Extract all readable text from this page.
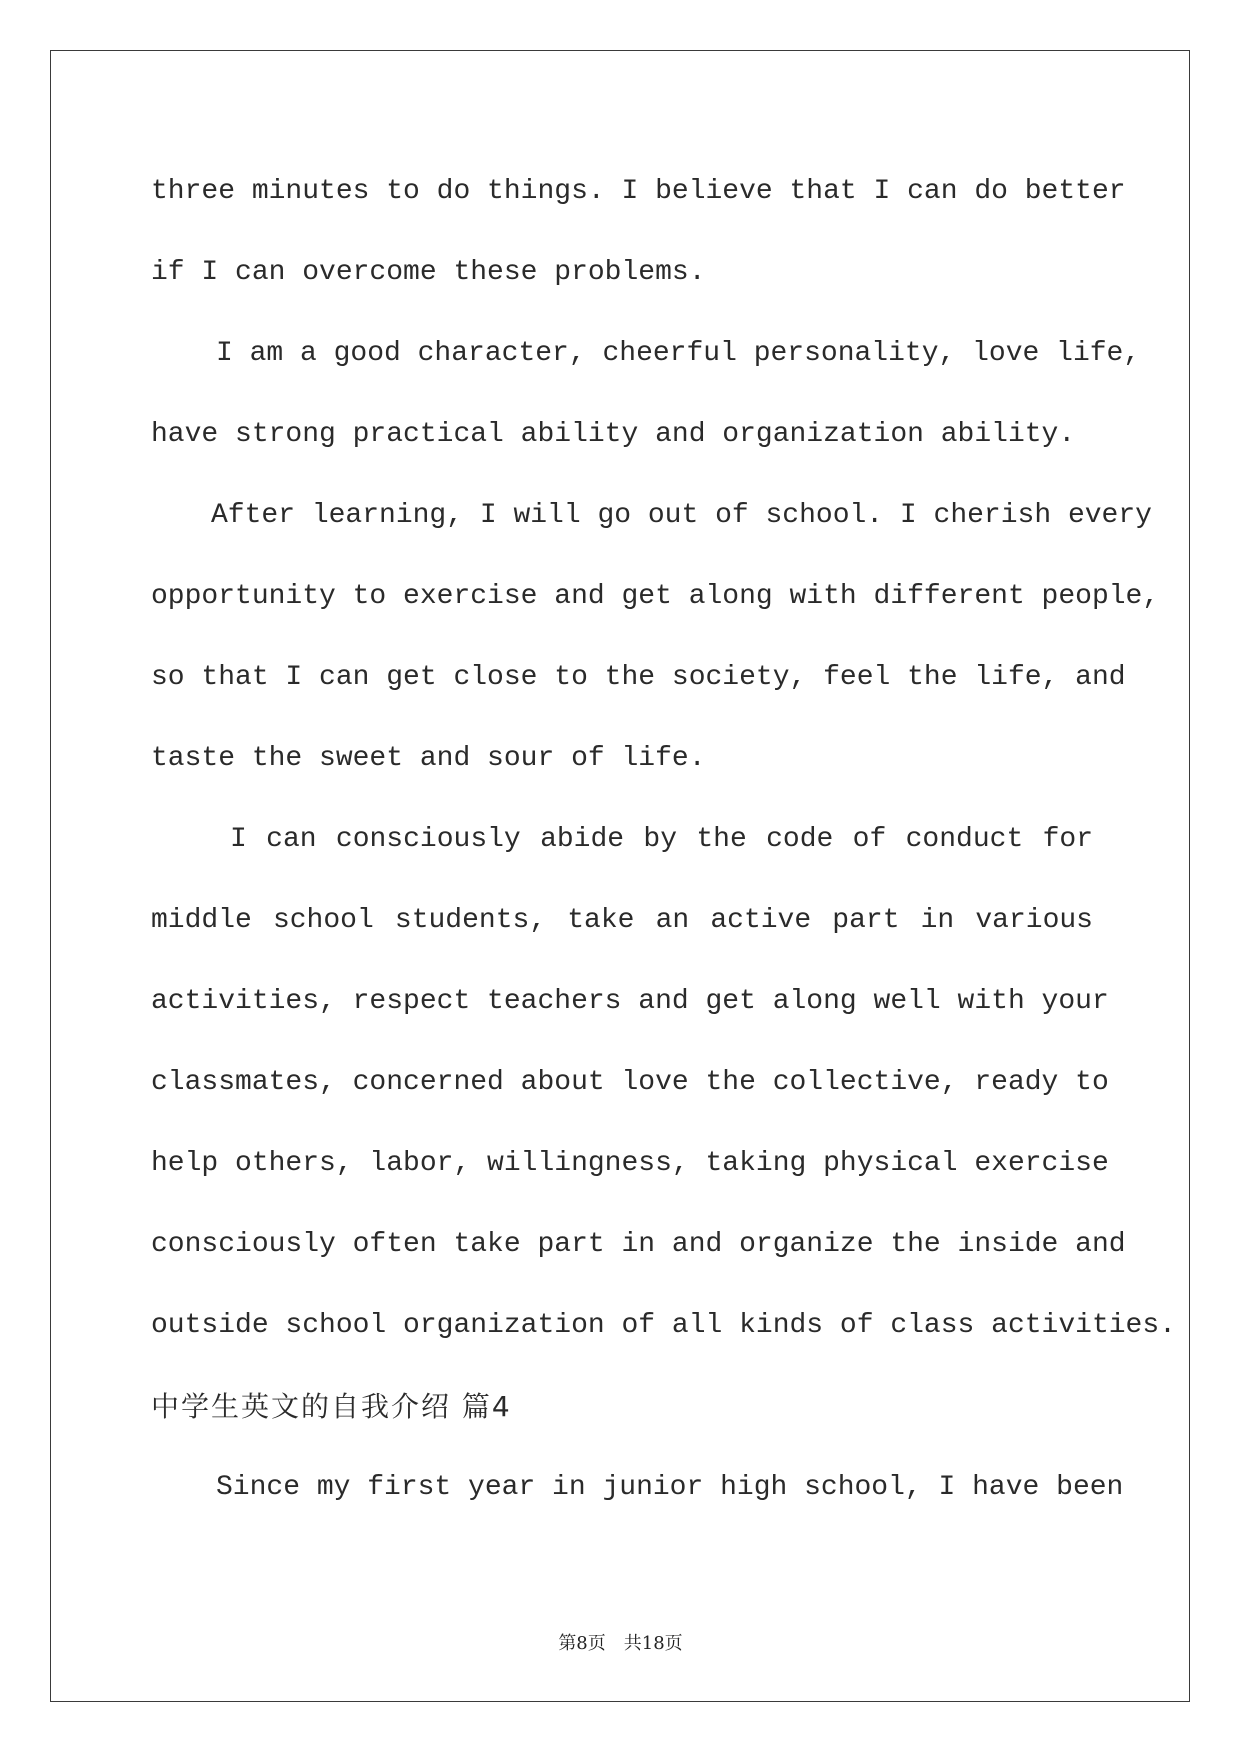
three minutes to do things. I believe that I can do better
if I can overcome these problems.
I am a good character, cheerful personality, love life,
have strong practical ability and organization ability.
After learning, I will go out of school. I cherish every
opportunity to exercise and get along with different people,
so that I can get close to the society, feel the life, and
taste the sweet and sour of life.
I can consciously abide by the code of conduct for
middle school students, take an active part in various
activities, respect teachers and get along well with your
classmates, concerned about love the collective, ready to
help others, labor, willingness, taking physical exercise
consciously often take part in and organize the inside and
outside school organization of all kinds of class activities.
中学生英文的自我介绍 篇4
Since my first year in junior high school, I have been
第8页　共18页
